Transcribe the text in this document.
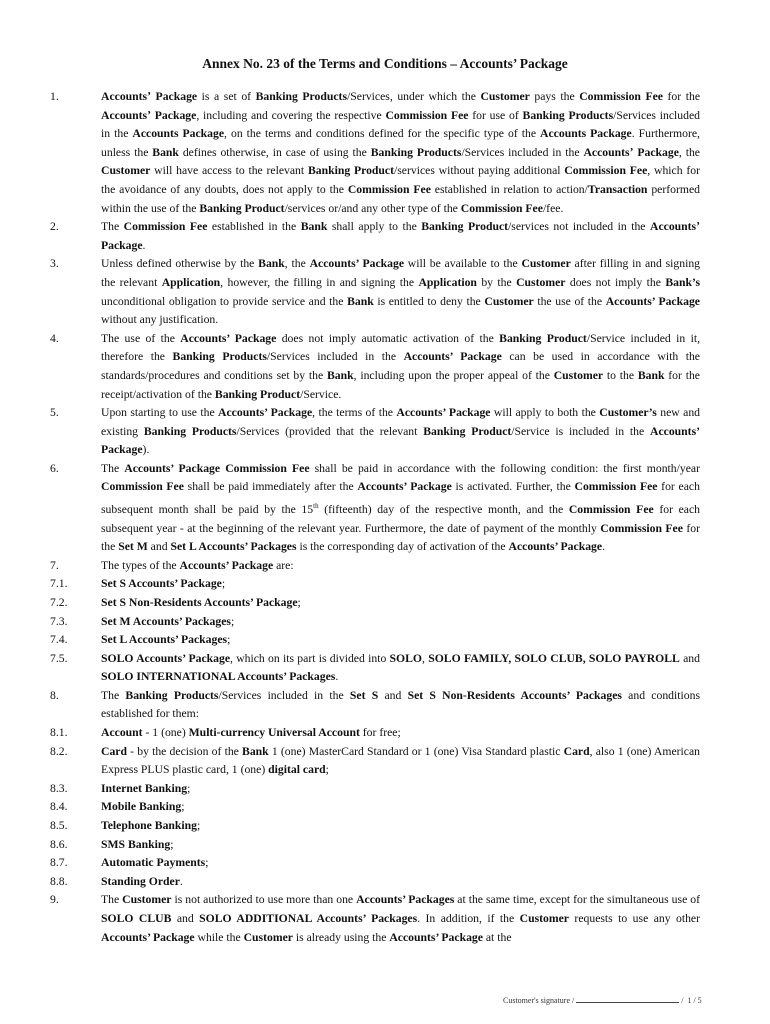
Annex No. 23 of the Terms and Conditions – Accounts’ Package
1.	Accountsʼ Package is a set of Banking Products/Services, under which the Customer pays the Commission Fee for the Accountsʼ Package, including and covering the respective Commission Fee for use of Banking Products/Services included in the Accounts Package, on the terms and conditions defined for the specific type of the Accounts Package. Furthermore, unless the Bank defines otherwise, in case of using the Banking Products/Services included in the Accountsʼ Package, the Customer will have access to the relevant Banking Product/services without paying additional Commission Fee, which for the avoidance of any doubts, does not apply to the Commission Fee established in relation to action/Transaction performed within the use of the Banking Product/services or/and any other type of the Commission Fee/fee.
2.	The Commission Fee established in the Bank shall apply to the Banking Product/services not included in the Accountsʼ Package.
3.	Unless defined otherwise by the Bank, the Accounts’ Package will be available to the Customer after filling in and signing the relevant Application, however, the filling in and signing the Application by the Customer does not imply the Bank’s unconditional obligation to provide service and the Bank is entitled to deny the Customer the use of the Accounts’ Package without any justification.
4.	The use of the Accounts’ Package does not imply automatic activation of the Banking Product/Service included in it, therefore the Banking Products/Services included in the Accounts’ Package can be used in accordance with the standards/procedures and conditions set by the Bank, including upon the proper appeal of the Customer to the Bank for the receipt/activation of the Banking Product/Service.
5.	Upon starting to use the Accounts’ Package, the terms of the Accounts’ Package will apply to both the Customer’s new and existing Banking Products/Services (provided that the relevant Banking Product/Service is included in the Accounts’ Package).
6.	The Accounts’ Package Commission Fee shall be paid in accordance with the following condition: the first month/year Commission Fee shall be paid immediately after the Accounts’ Package is activated. Further, the Commission Fee for each subsequent month shall be paid by the 15th (fifteenth) day of the respective month, and the Commission Fee for each subsequent year - at the beginning of the relevant year. Furthermore, the date of payment of the monthly Commission Fee for the Set M and Set L Accounts’ Packages is the corresponding day of activation of the Accounts’ Package.
7.	The types of the Accounts’ Package are:
7.1.	Set S Accounts’ Package;
7.2.	Set S Non-Residents Accounts’ Package;
7.3.	Set M Accounts’ Packages;
7.4.	Set L Accounts’ Packages;
7.5.	SOLO Accounts’ Package, which on its part is divided into SOLO, SOLO FAMILY, SOLO CLUB, SOLO PAYROLL and SOLO INTERNATIONAL Accounts’ Packages.
8.	The Banking Products/Services included in the Set S and Set S Non-Residents Accounts’ Packages and conditions established for them:
8.1.	Account - 1 (one) Multi-currency Universal Account for free;
8.2.	Card - by the decision of the Bank 1 (one) MasterCard Standard or 1 (one) Visa Standard plastic Card, also 1 (one) American Express PLUS plastic card, 1 (one) digital card;
8.3.	Internet Banking;
8.4.	Mobile Banking;
8.5.	Telephone Banking;
8.6.	SMS Banking;
8.7.	Automatic Payments;
8.8.	Standing Order.
9.	The Customer is not authorized to use more than one Accounts’ Packages at the same time, except for the simultaneous use of SOLO CLUB and SOLO ADDITIONAL Accounts’ Packages. In addition, if the Customer requests to use any other Accounts’ Package while the Customer is already using the Accounts’ Package at the
Customer's signature /	/ 1 / 5
